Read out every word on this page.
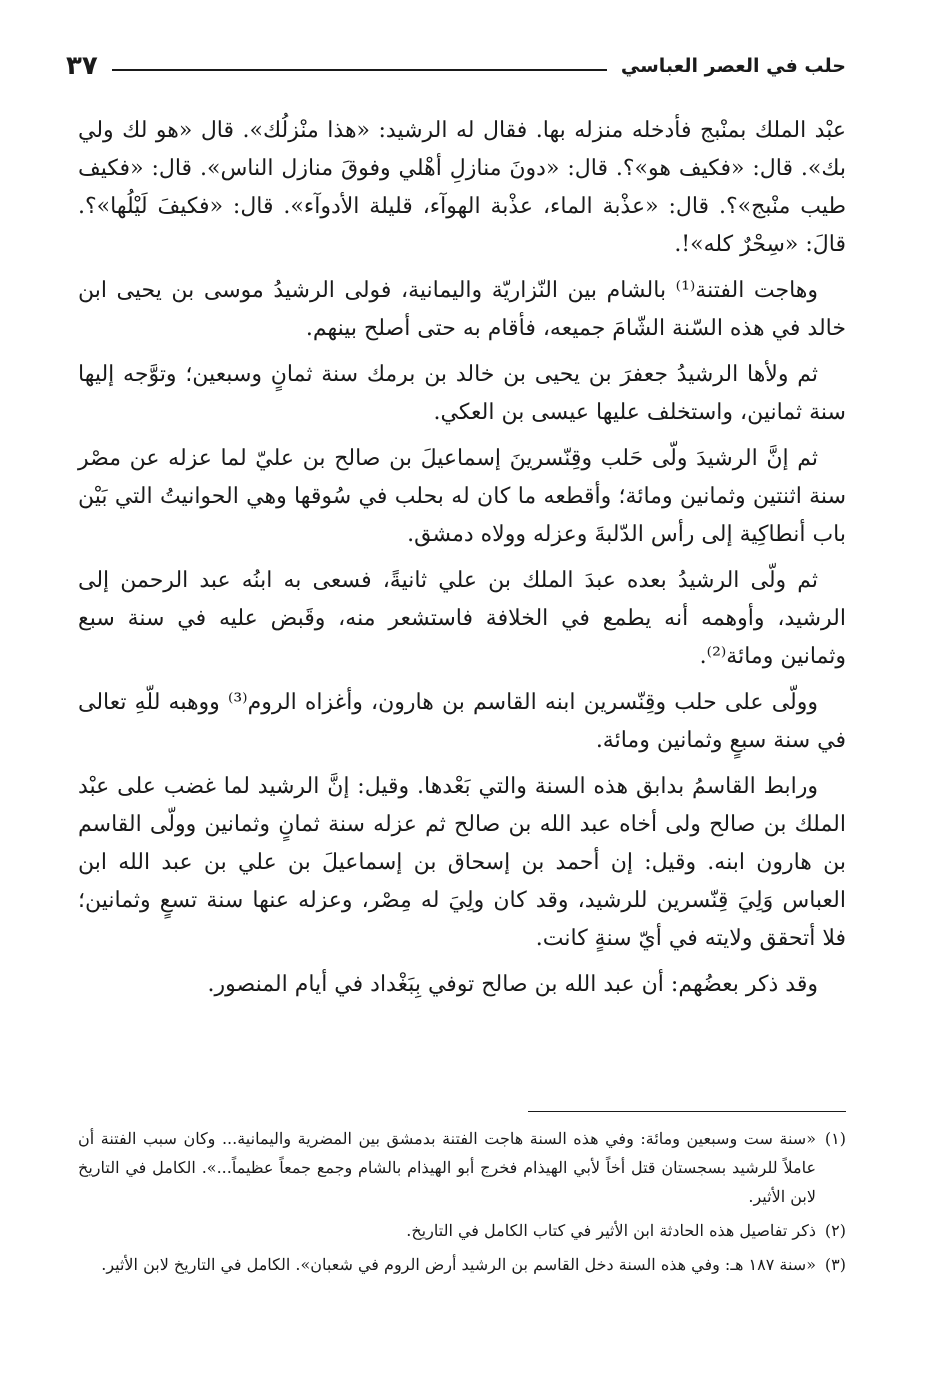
حلب في العصر العباسي
٣٧

عبْد الملك بمنْبج فأدخله منزله بها. فقال له الرشيد: «هذا منْزلُك». قال «هو لك ولي بك». قال: «فكيف هو»؟. قال: «دونَ منازلِ أهْلي وفوقَ منازل الناس». قال: «فكيف طيب منْبج»؟. قال: «عذْبة الماء، عذْبة الهوآء، قليلة الأدوآء». قال: «فكيفَ لَيْلُها»؟. قالَ: «سِحْرٌ كله»!.

وهاجت الفتنة⁽¹⁾ بالشام بين النّزاريّة واليمانية، فولى الرشيدُ موسى بن يحيى ابن خالد في هذه السّنة الشّامَ جميعه، فأقام به حتى أصلح بينهم.

ثم ولأها الرشيدُ جعفرَ بن يحيى بن خالد بن برمك سنة ثمانٍ وسبعين؛ وتوَّجه إليها سنة ثمانين، واستخلف عليها عيسى بن العكي.

ثم إنَّ الرشيدَ ولّى حَلب وقِنّسرينَ إسماعيلَ بن صالح بن عليّ لما عزله عن مصْر سنة اثنتين وثمانين ومائة؛ وأقطعه ما كان له بحلب في سُوقها وهي الحوانيتُ التي بَيْن باب أنطاكِية إلى رأس الدّلبةَ وعزله وولاه دمشق.

ثم ولّى الرشيدُ بعده عبدَ الملك بن علي ثانيةً، فسعى به ابنُه عبد الرحمن إلى الرشيد، وأوهمه أنه يطمع في الخلافة فاستشعر منه، وقَبض عليه في سنة سبع وثمانين ومائة⁽²⁾.

وولّى على حلب وقِنّسرين ابنه القاسم بن هارون، وأغزاه الروم⁽³⁾ ووهبه للّهِ تعالى في سنة سبعٍ وثمانين ومائة.

ورابط القاسمُ بدابق هذه السنة والتي بَعْدها. وقيل: إنَّ الرشيد لما غضب على عبْد الملك بن صالح ولى أخاه عبد الله بن صالح ثم عزله سنة ثمانٍ وثمانين وولّى القاسم بن هارون ابنه. وقيل: إن أحمد بن إسحاق بن إسماعيلَ بن علي بن عبد الله ابن العباس وَلِيَ قِنّسرين للرشيد، وقد كان ولِيَ له مِصْر، وعزله عنها سنة تسعٍ وثمانين؛ فلا أتحقق ولايته في أيّ سنةٍ كانت.

وقد ذكر بعضُهم: أن عبد الله بن صالح توفي بِبَغْداد في أيام المنصور.

(١)
«سنة ست وسبعين ومائة: وفي هذه السنة هاجت الفتنة بدمشق بين المضرية واليمانية... وكان سبب الفتنة أن عاملاً للرشيد بسجستان قتل أخاً لأبي الهيذام فخرج أبو الهيذام بالشام وجمع جمعاً عظيماً...». الكامل في التاريخ لابن الأثير.
(٢)
ذكر تفاصيل هذه الحادثة ابن الأثير في كتاب الكامل في التاريخ.
(٣)
«سنة ١٨٧ هـ: وفي هذه السنة دخل القاسم بن الرشيد أرض الروم في شعبان». الكامل في التاريخ لابن الأثير.
